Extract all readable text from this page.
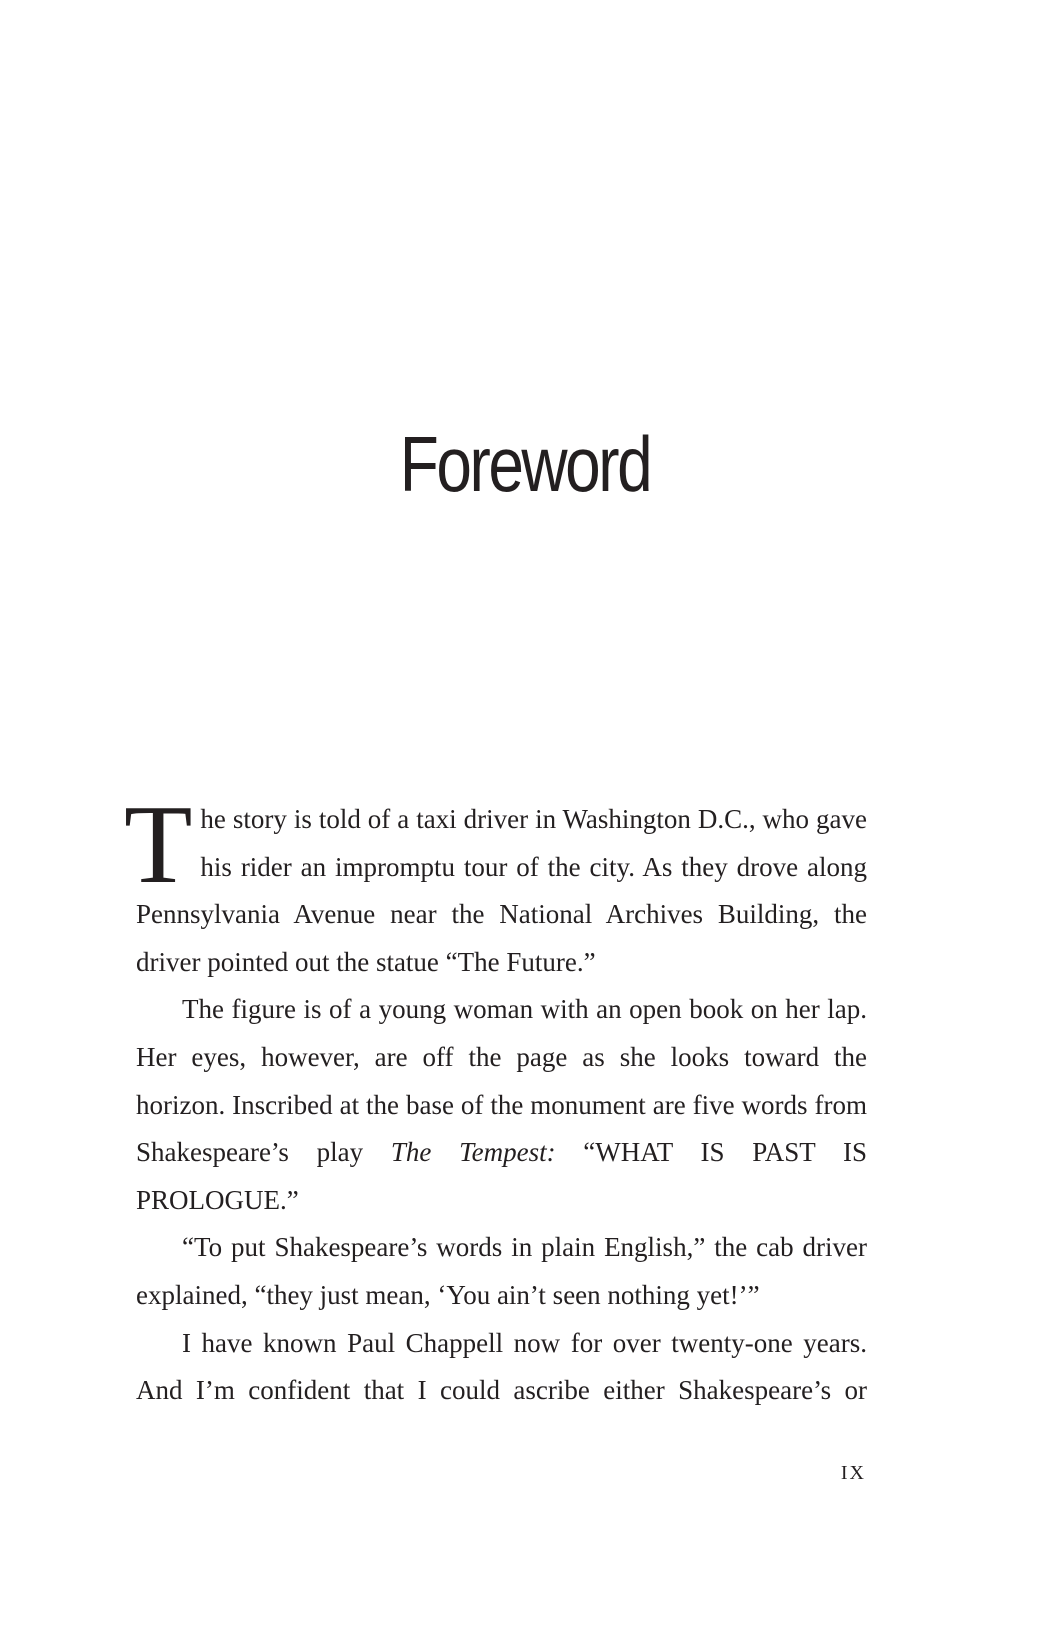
Foreword

The story is told of a taxi driver in Washington D.C., who gave his rider an impromptu tour of the city. As they drove along Pennsylvania Avenue near the National Archives Building, the driver pointed out the statue “The Future.”

The figure is of a young woman with an open book on her lap. Her eyes, however, are off the page as she looks toward the horizon. Inscribed at the base of the monument are five words from Shakespeare’s play The Tempest: “WHAT IS PAST IS PROLOGUE.”

“To put Shakespeare’s words in plain English,” the cab driver explained, “they just mean, ‘You ain’t seen nothing yet!’”

I have known Paul Chappell now for over twenty-one years. And I’m confident that I could ascribe either Shakespeare’s or

IX
